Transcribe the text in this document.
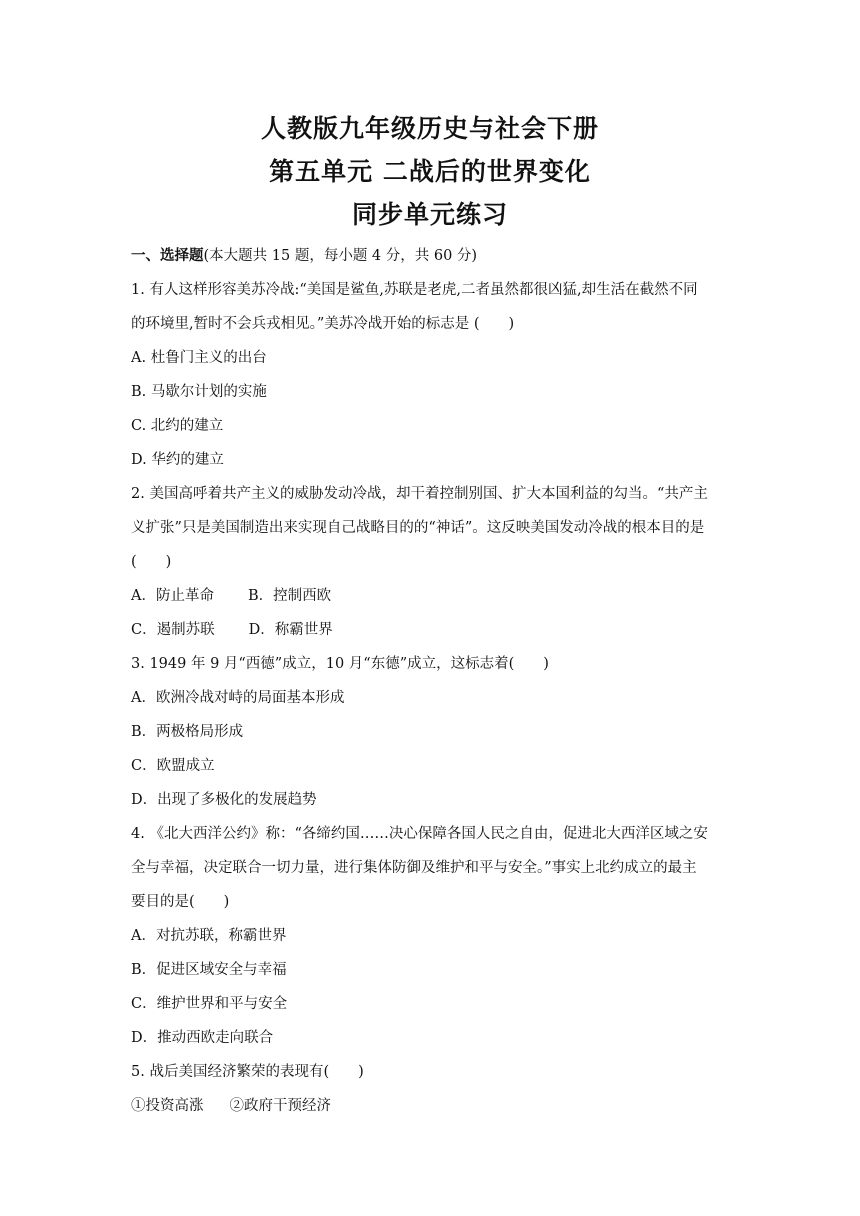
人教版九年级历史与社会下册
第五单元 二战后的世界变化
同步单元练习
一、选择题(本大题共 15 题，每小题 4 分，共 60 分)
1. 有人这样形容美苏冷战:“美国是鲨鱼,苏联是老虎,二者虽然都很凶猛,却生活在截然不同
的环境里,暂时不会兵戎相见。”美苏冷战开始的标志是 (　　)
A. 杜鲁门主义的出台
B. 马歇尔计划的实施
C. 北约的建立
D. 华约的建立
2. 美国高呼着共产主义的威胁发动冷战，却干着控制别国、扩大本国利益的勾当。“共产主
义扩张”只是美国制造出来实现自己战略目的的“神话”。这反映美国发动冷战的根本目的是
(　　)
A．防止革命 B．控制西欧
C．遏制苏联 D．称霸世界
3. 1949 年 9 月“西德”成立，10 月“东德”成立，这标志着(　　)
A．欧洲冷战对峙的局面基本形成
B．两极格局形成
C．欧盟成立
D．出现了多极化的发展趋势
4. 《北大西洋公约》称：“各缔约国……决心保障各国人民之自由，促进北大西洋区域之安
全与幸福，决定联合一切力量，进行集体防御及维护和平与安全。”事实上北约成立的最主
要目的是(　　)
A．对抗苏联，称霸世界
B．促进区域安全与幸福
C．维护世界和平与安全
D．推动西欧走向联合
5. 战后美国经济繁荣的表现有(　　)
①投资高涨 ②政府干预经济
